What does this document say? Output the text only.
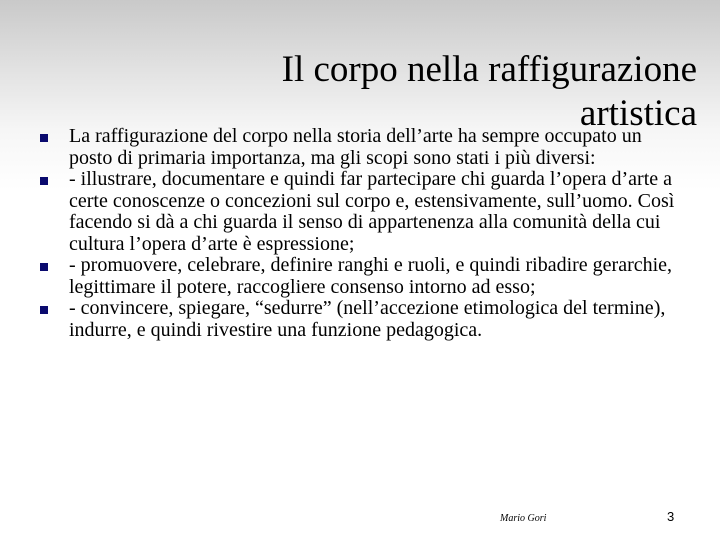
Il corpo nella raffigurazione artistica
La raffigurazione del corpo nella storia dell’arte ha sempre occupato un posto di primaria importanza, ma gli scopi sono stati i più diversi:
- illustrare, documentare e quindi far partecipare chi guarda l’opera d’arte a certe conoscenze o concezioni sul corpo e, estensivamente, sull’uomo. Così facendo si dà a chi guarda il senso di appartenenza alla comunità della cui cultura l’opera d’arte è espressione;
- promuovere, celebrare, definire ranghi e ruoli, e quindi ribadire gerarchie, legittimare il potere, raccogliere consenso intorno ad esso;
- convincere, spiegare, “sedurre” (nell’accezione etimologica del termine), indurre, e quindi rivestire una funzione pedagogica.
Mario Gori	3
